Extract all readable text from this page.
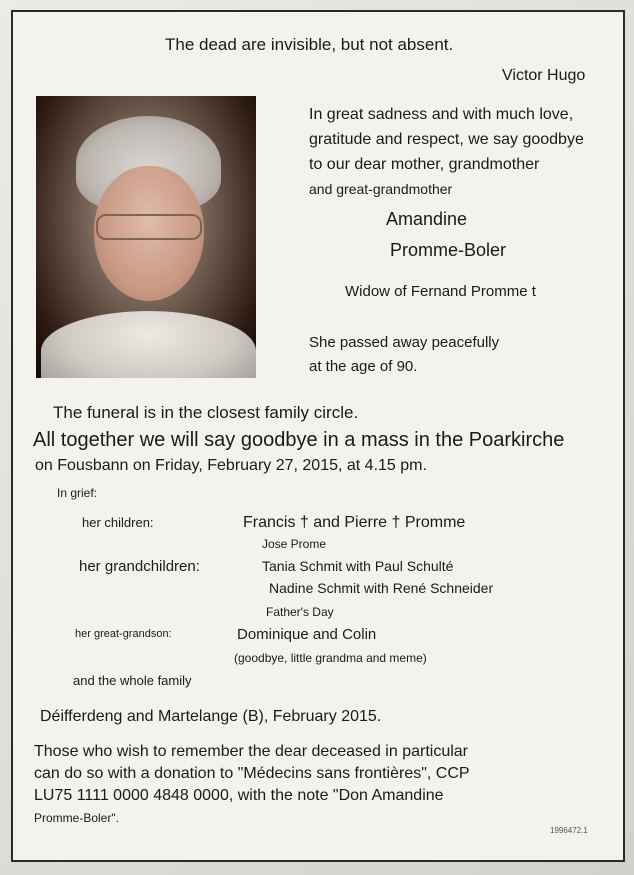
The dead are invisible, but not absent.
Victor Hugo
In great sadness and with much love,
gratitude and respect, we say goodbye
to our dear mother, grandmother
and great-grandmother
Amandine
Promme-Boler
Widow of Fernand Promme t
She passed away peacefully
at the age of 90.
The funeral is in the closest family circle.
All together we will say goodbye in a mass in the Poarkirche
on Fousbann on Friday, February 27, 2015, at 4.15 pm.
In grief:
her children:	Francis † and Pierre † Promme
Jose Prome
her grandchildren:	Tania Schmit with Paul Schulté
Nadine Schmit with René Schneider
Father's Day
her great-grandson:	Dominique and Colin
(goodbye, little grandma and meme)
and the whole family
Déifferdeng and Martelange (B), February 2015.
Those who wish to remember the dear deceased in particular
can do so with a donation to "Médecins sans frontières", CCP
LU75 1111 0000 4848 0000, with the note "Don Amandine
Promme-Boler".
1996472.1
